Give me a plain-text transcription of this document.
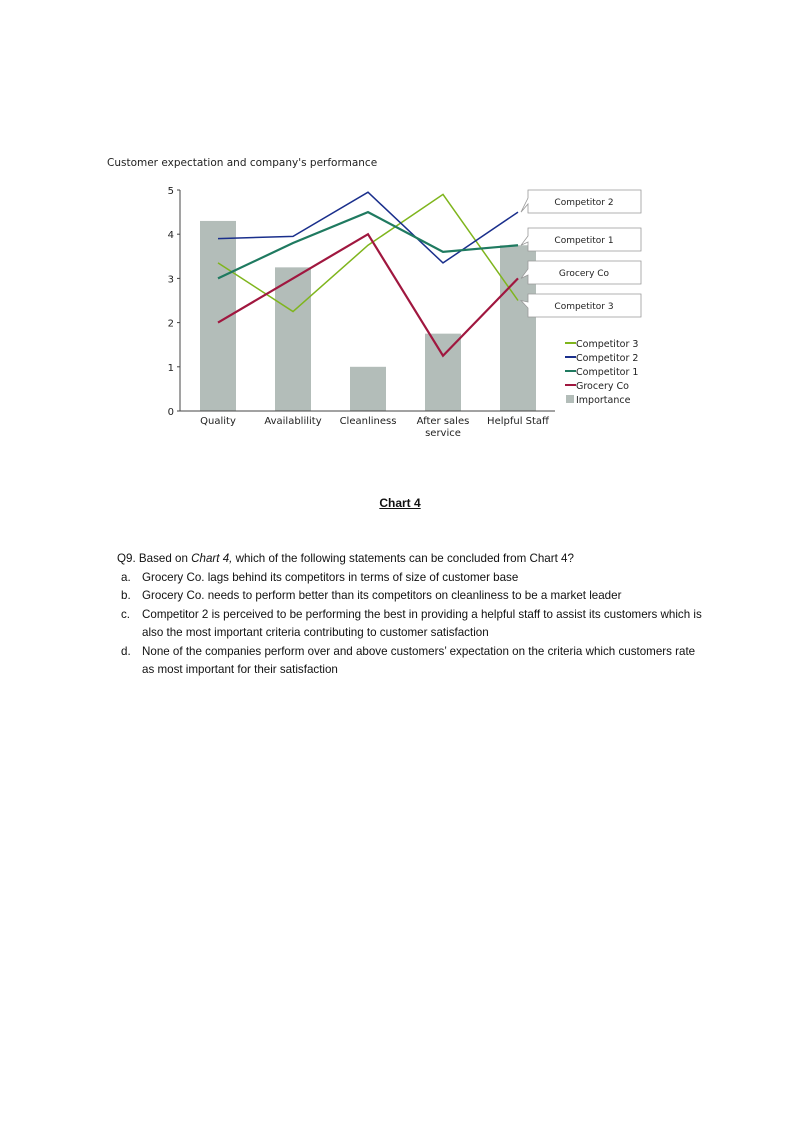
Customer expectation and company's performance
0
1
2
3
4
5
Quality	Availablility Cleanliness After sales
service
Helpful Staff
Competitor 2
Competitor 1
Grocery Co
Competitor 3
Competitor 3
Competitor 2
Competitor 1
Grocery Co
Importance
Chart 4
Q9. Based on Chart 4, which of the following statements can be concluded from Chart 4?
a. Grocery Co. lags behind its competitors in terms of size of customer base
b. Grocery Co. needs to perform better than its competitors on cleanliness to be a market leader
c. Competitor 2 is perceived to be performing the best in providing a helpful staff to assist its customers which is also the most important criteria contributing to customer satisfaction
d. None of the companies perform over and above customers’ expectation on the criteria which customers rate as most important for their satisfaction
